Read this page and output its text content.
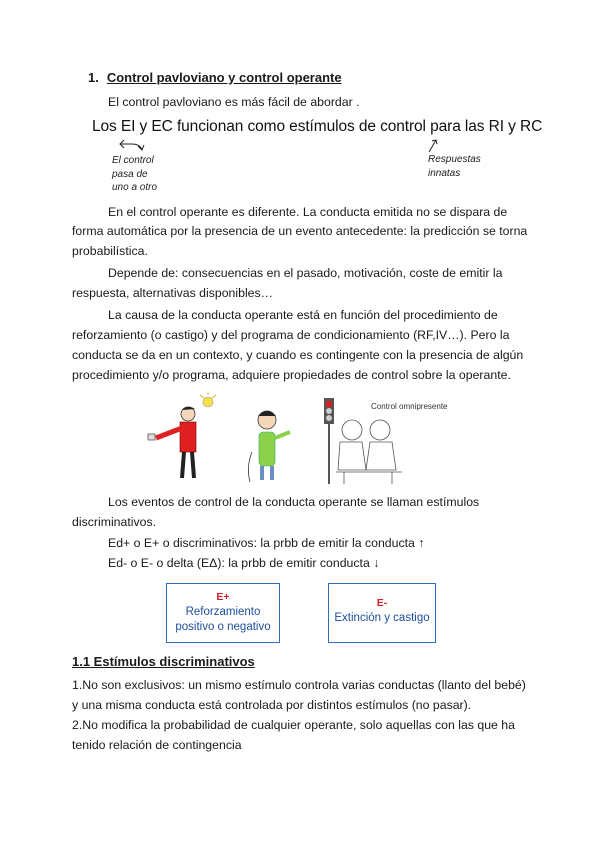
1. Control pavloviano y control operante
El control pavloviano es más fácil de abordar .
Los EI y EC funcionan como estímulos de control para las RI y RC
El control
pasa de
uno a otro
Respuestas
innatas
En el control operante es diferente. La conducta emitida no se dispara de
forma automática por la presencia de un evento antecedente: la predicción se torna
probabilística.
Depende de: consecuencias en el pasado, motivación, coste de emitir la
respuesta, alternativas disponibles…
La causa de la conducta operante está en función del procedimiento de
reforzamiento (o castigo) y del programa de condicionamiento (RF,IV…). Pero la
conducta se da en un contexto, y cuando es contingente con la presencia de algún
procedimiento y/o programa, adquiere propiedades de control sobre la operante.
Control omnipresente
Los eventos de control de la conducta operante se llaman estímulos
discriminativos.
Ed+ o E+ o discriminativos: la prbb de emitir la conducta ↑
Ed- o E- o delta (EΔ): la prbb de emitir conducta ↓
E+
Reforzamiento
positivo o negativo
E-
Extinción y castigo
1.1 Estímulos discriminativos
1.No son exclusivos: un mismo estímulo controla varias conductas (llanto del bebé)
y una misma conducta está controlada por distintos estímulos (no pasar).
2.No modifica la probabilidad de cualquier operante, solo aquellas con las que ha
tenido relación de contingencia
